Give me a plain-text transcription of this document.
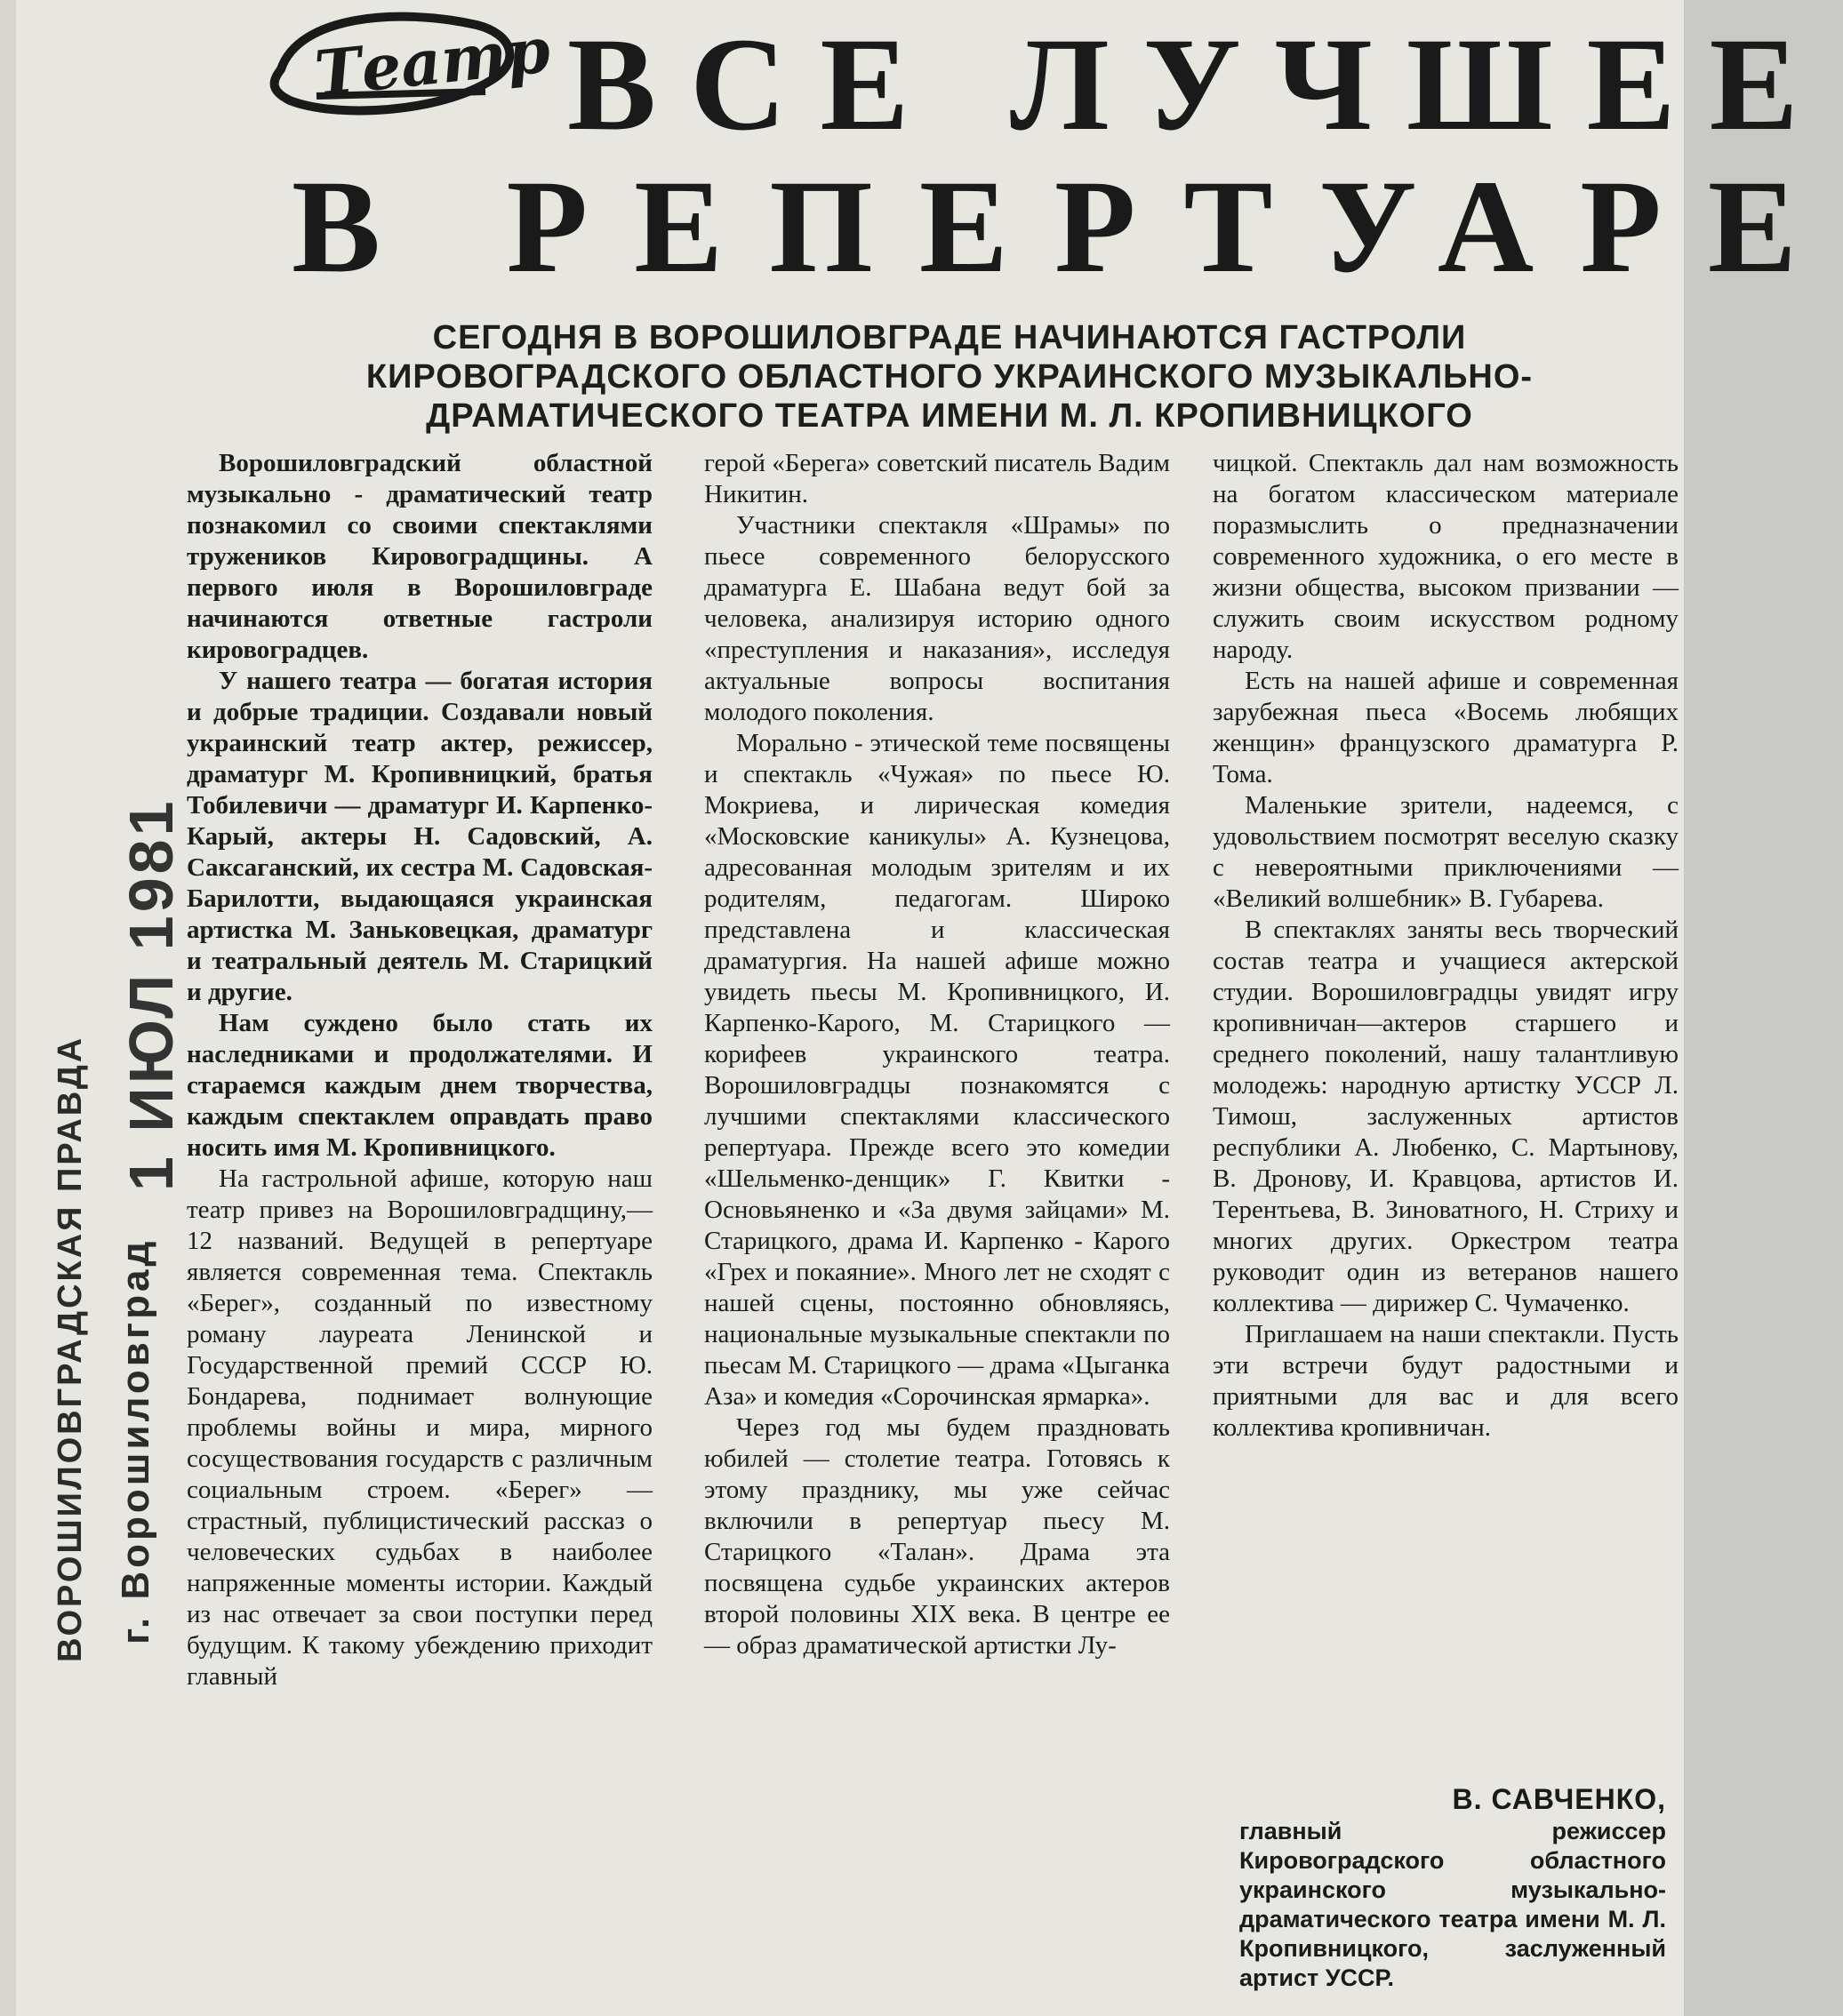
ВОРОШИЛОВГРАДСКАЯ ПРАВДА г. Ворошиловград
1 ИЮЛ 1981
Театр ВСЕ ЛУЧШЕЕ
В РЕПЕРТУАРЕ
СЕГОДНЯ В ВОРОШИЛОВГРАДЕ НАЧИНАЮТСЯ ГАСТРОЛИ
КИРОВОГРАДСКОГО ОБЛАСТНОГО УКРАИНСКОГО МУЗЫКАЛЬНО-
ДРАМАТИЧЕСКОГО ТЕАТРА ИМЕНИ М. Л. КРОПИВНИЦКОГО

Ворошиловградский областной музыкально - драматический театр познакомил со своими спектаклями тружеников Кировоградщины. А первого июля в Ворошиловграде начинаются ответные гастроли кировоградцев.

У нашего театра — богатая история и добрые традиции. Создавали новый украинский театр актер, режиссер, драматург М. Кропивницкий, братья Тобилевичи — драматург И. Карпенко-Карый, актеры Н. Садовский, А. Саксаганский, их сестра М. Садовская-Барилотти, выдающаяся украинская артистка М. Заньковецкая, драматург и театральный деятель М. Старицкий и другие.

Нам суждено было стать их наследниками и продолжателями. И стараемся каждым днем творчества, каждым спектаклем оправдать право носить имя М. Кропивницкого.

На гастрольной афише, которую наш театр привез на Ворошиловградщину,— 12 названий. Ведущей в репертуаре является современная тема. Спектакль «Берег», созданный по известному роману лауреата Ленинской и Государственной премий СССР Ю. Бондарева, поднимает волнующие проблемы войны и мира, мирного сосуществования государств с различным социальным строем. «Берег» — страстный, публицистический рассказ о человеческих судьбах в наиболее напряженные моменты истории. Каждый из нас отвечает за свои поступки перед будущим. К такому убеждению приходит главный

герой «Берега» советский писатель Вадим Никитин.

Участники спектакля «Шрамы» по пьесе современного белорусского драматурга Е. Шабана ведут бой за человека, анализируя историю одного «преступления и наказания», исследуя актуальные вопросы воспитания молодого поколения.

Морально - этической теме посвящены и спектакль «Чужая» по пьесе Ю. Мокриева, и лирическая комедия «Московские каникулы» А. Кузнецова, адресованная молодым зрителям и их родителям, педагогам. Широко представлена и классическая драматургия. На нашей афише можно увидеть пьесы М. Кропивницкого, И. Карпенко-Карого, М. Старицкого — корифеев украинского театра. Ворошиловградцы познакомятся с лучшими спектаклями классического репертуара. Прежде всего это комедии «Шельменко-денщик» Г. Квитки - Основьяненко и «За двумя зайцами» М. Старицкого, драма И. Карпенко - Карого «Грех и покаяние». Много лет не сходят с нашей сцены, постоянно обновляясь, национальные музыкальные спектакли по пьесам М. Старицкого — драма «Цыганка Аза» и комедия «Сорочинская ярмарка».

Через год мы будем праздновать юбилей — столетие театра. Готовясь к этому празднику, мы уже сейчас включили в репертуар пьесу М. Старицкого «Талан». Драма эта посвящена судьбе украинских актеров второй половины XIX века. В центре ее — образ драматической артистки Лу-

чицкой. Спектакль дал нам возможность на богатом классическом материале поразмыслить о предназначении современного художника, о его месте в жизни общества, высоком призвании — служить своим искусством родному народу.

Есть на нашей афише и современная зарубежная пьеса «Восемь любящих женщин» французского драматурга Р. Тома.

Маленькие зрители, надеемся, с удовольствием посмотрят веселую сказку с невероятными приключениями — «Великий волшебник» В. Губарева.

В спектаклях заняты весь творческий состав театра и учащиеся актерской студии. Ворошиловградцы увидят игру кропивничан—актеров старшего и среднего поколений, нашу талантливую молодежь: народную артистку УССР Л. Тимош, заслуженных артистов республики А. Любенко, С. Мартынову, В. Дронову, И. Кравцова, артистов И. Терентьева, В. Зиноватного, Н. Стриху и многих других. Оркестром театра руководит один из ветеранов нашего коллектива — дирижер С. Чумаченко.

Приглашаем на наши спектакли. Пусть эти встречи будут радостными и приятными для вас и для всего коллектива кропивничан.

В. САВЧЕНКО,
главный режиссер Кировоградского областного украинского музыкально-драматического театра имени М. Л. Кропивницкого, заслуженный артист УССР.
